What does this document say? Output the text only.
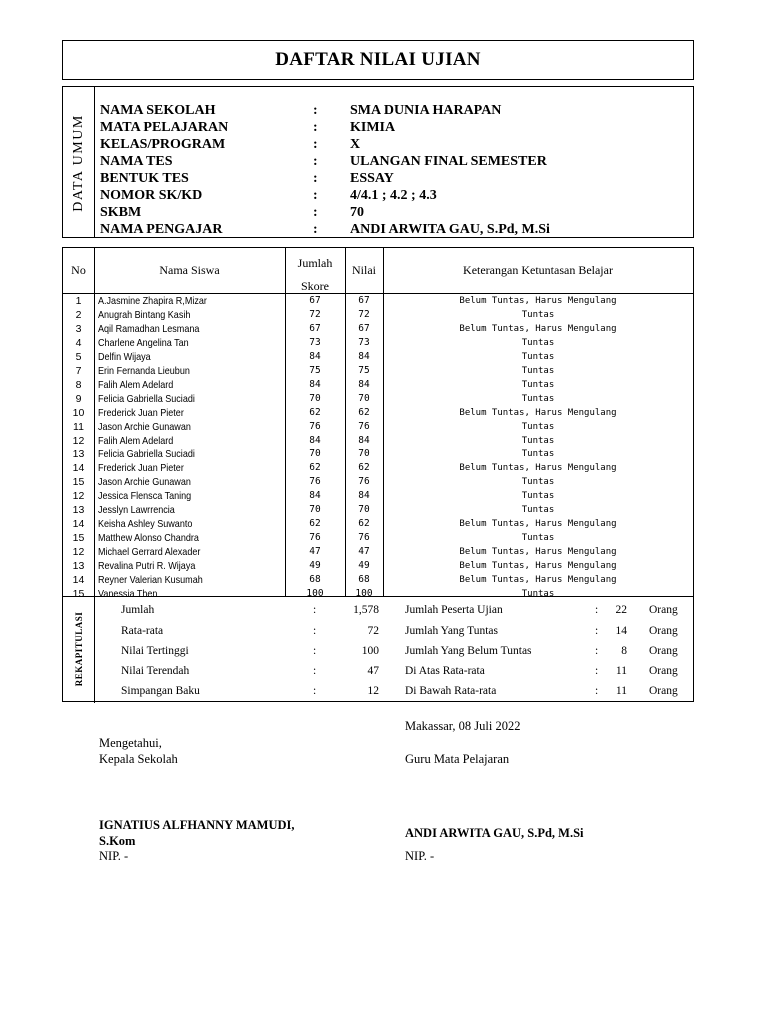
DAFTAR NILAI UJIAN
DATA UMUM
NAMA SEKOLAH	: SMA DUNIA HARAPAN
MATA PELAJARAN	: KIMIA
KELAS/PROGRAM	: X
NAMA TES	: ULANGAN FINAL SEMESTER
BENTUK TES	: ESSAY
NOMOR SK/KD	: 4/4.1 ; 4.2 ; 4.3
SKBM	: 70
NAMA PENGAJAR	: ANDI ARWITA GAU, S.Pd, M.Si
No	Nama Siswa	Jumlah
Skore
Nilai	Keterangan Ketuntasan Belajar
1	A.Jasmine Zhapira R,Mizar	67	67	Belum Tuntas, Harus Mengulang
2	Anugrah Bintang Kasih	72	72	Tuntas
3	Aqil Ramadhan Lesmana	67	67	Belum Tuntas, Harus Mengulang
4	Charlene Angelina Tan	73	73	Tuntas
5	Delfin Wijaya	84	84	Tuntas
7	Erin Fernanda Lieubun	75	75	Tuntas
8	Falih Alem Adelard	84	84	Tuntas
9	Felicia Gabriella Suciadi	70	70	Tuntas
10	Frederick Juan Pieter	62	62	Belum Tuntas, Harus Mengulang
11	Jason Archie Gunawan	76	76	Tuntas
12	Falih Alem Adelard	84	84	Tuntas
13	Felicia Gabriella Suciadi	70	70	Tuntas
14	Frederick Juan Pieter	62	62	Belum Tuntas, Harus Mengulang
15	Jason Archie Gunawan	76	76	Tuntas
12	Jessica Flensca Taning	84	84	Tuntas
13	Jesslyn Lawrrencia	70	70	Tuntas
14	Keisha Ashley Suwanto	62	62	Belum Tuntas, Harus Mengulang
15	Matthew Alonso Chandra	76	76	Tuntas
12	Michael Gerrard Alexader	47	47	Belum Tuntas, Harus Mengulang
13	Revalina Putri R. Wijaya	49	49	Belum Tuntas, Harus Mengulang
14	Reyner Valerian Kusumah	68	68	Belum Tuntas, Harus Mengulang
15	Vanessia Then	100	100	Tuntas
REKAPITULASI
Jumlah	:	1,578 Jumlah Peserta Ujian	:	22 Orang
Rata-rata	:	72 Jumlah Yang Tuntas	:	14 Orang
Nilai Tertinggi	:	100 Jumlah Yang Belum Tuntas	:	8 Orang
Nilai Terendah	:	47 Di Atas Rata-rata	:	11 Orang
Simpangan Baku	:	12 Di Bawah Rata-rata	:	11 Orang
Makassar, 08 Juli 2022
Mengetahui,
Kepala Sekolah	Guru Mata Pelajaran
IGNATIUS ALFHANNY MAMUDI,
S.Kom
ANDI ARWITA GAU, S.Pd, M.Si
NIP. -	NIP. -
